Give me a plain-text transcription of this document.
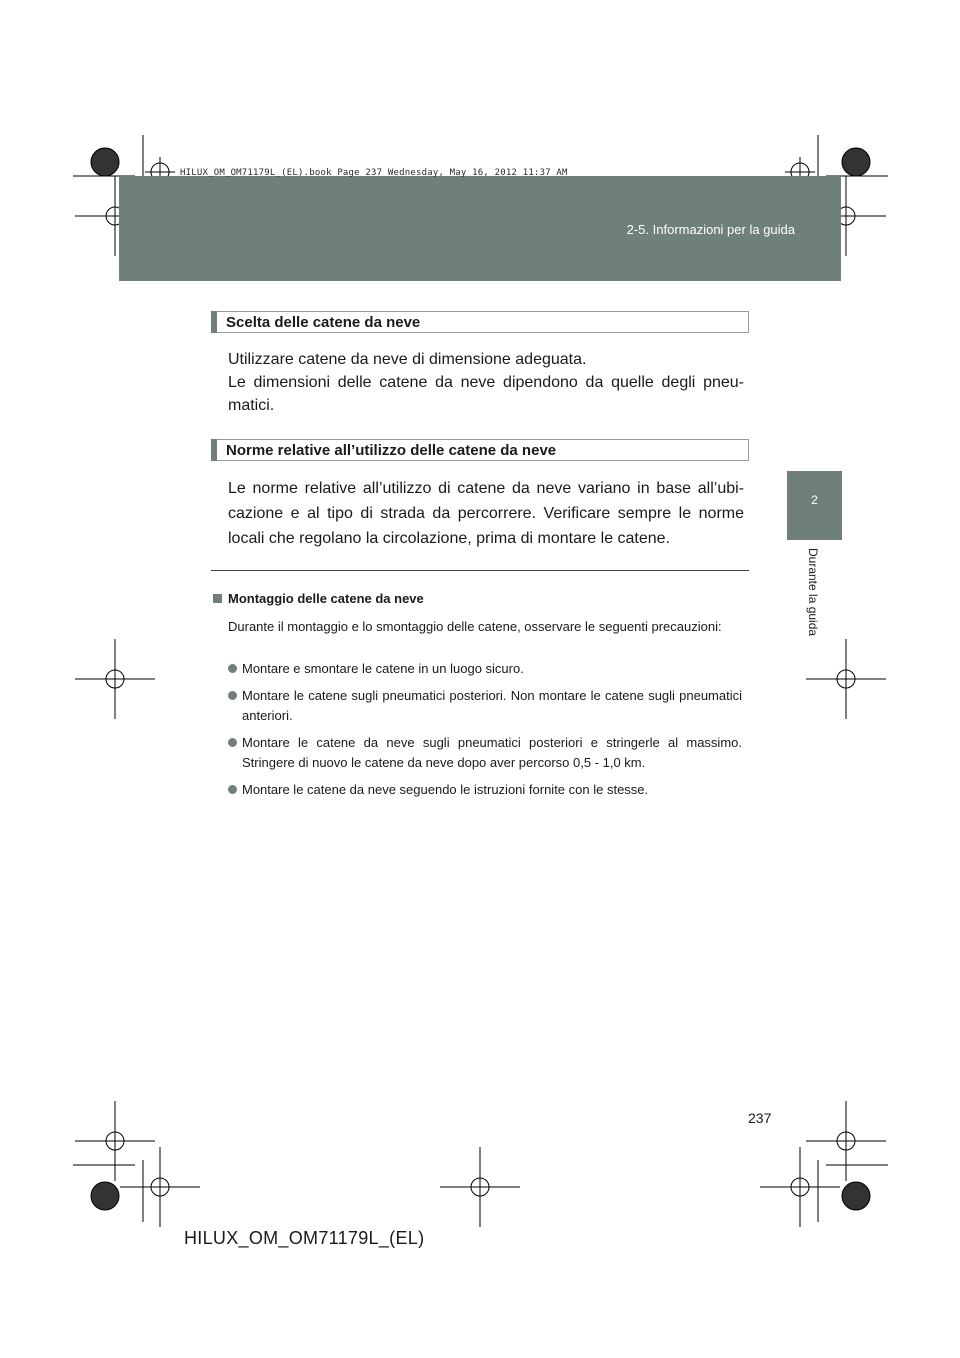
2-5. Informazioni per la guida
HILUX_OM_OM71179L_(EL).book Page 237 Wednesday, May 16, 2012 11:37 AM
2
Durante la guida
Scelta delle catene da neve

Utilizzare catene da neve di dimensione adeguata.

Le dimensioni delle catene da neve dipendono da quelle degli pneu-matici.

Norme relative all’utilizzo delle catene da neve

Le norme relative all’utilizzo di catene da neve variano in base all’ubi-cazione e al tipo di strada da percorrere. Verificare sempre le norme locali che regolano la circolazione, prima di montare le catene.

Montaggio delle catene da neve
Durante il montaggio e lo smontaggio delle catene, osservare le seguenti precauzioni:
Montare e smontare le catene in un luogo sicuro.
Montare le catene sugli pneumatici posteriori. Non montare le catene sugli pneumatici anteriori.
Montare le catene da neve sugli pneumatici posteriori e stringerle al massimo. Stringere di nuovo le catene da neve dopo aver percorso 0,5 - 1,0 km.
Montare le catene da neve seguendo le istruzioni fornite con le stesse.
237
HILUX_OM_OM71179L_(EL)
